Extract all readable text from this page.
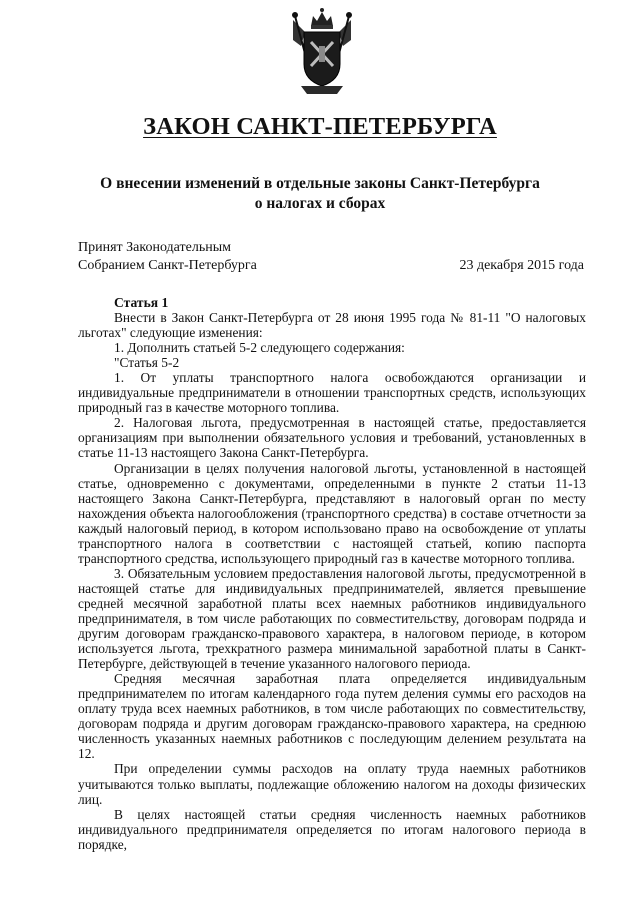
ЗАКОН САНКТ-ПЕТЕРБУРГА
О внесении изменений в отдельные законы Санкт-Петербурга
о налогах и сборах
Принят Законодательным
Собранием Санкт-Петербурга	23 декабря 2015 года

Статья 1

Внести в Закон Санкт-Петербурга от 28 июня 1995 года № 81-11 "О налоговых льготах" следующие изменения:

1. Дополнить статьей 5-2 следующего содержания:

"Статья 5-2

1. От уплаты транспортного налога освобождаются организации и индивидуальные предприниматели в отношении транспортных средств, использующих природный газ в качестве моторного топлива.

2. Налоговая льгота, предусмотренная в настоящей статье, предоставляется организациям при выполнении обязательного условия и требований, установленных в статье 11-13 настоящего Закона Санкт-Петербурга.

Организации в целях получения налоговой льготы, установленной в настоящей статье, одновременно с документами, определенными в пункте 2 статьи 11-13 настоящего Закона Санкт-Петербурга, представляют в налоговый орган по месту нахождения объекта налогообложения (транспортного средства) в составе отчетности за каждый налоговый период, в котором использовано право на освобождение от уплаты транспортного налога в соответствии с настоящей статьей, копию паспорта транспортного средства, использующего природный газ в качестве моторного топлива.

3. Обязательным условием предоставления налоговой льготы, предусмотренной в настоящей статье для индивидуальных предпринимателей, является превышение средней месячной заработной платы всех наемных работников индивидуального предпринимателя, в том числе работающих по совместительству, договорам подряда и другим договорам гражданско-правового характера, в налоговом периоде, в котором используется льгота, трехкратного размера минимальной заработной платы в Санкт-Петербурге, действующей в течение указанного налогового периода.

Средняя месячная заработная плата определяется индивидуальным предпринимателем по итогам календарного года путем деления суммы его расходов на оплату труда всех наемных работников, в том числе работающих по совместительству, договорам подряда и другим договорам гражданско-правового характера, на среднюю численность указанных наемных работников с последующим делением результата на 12.

При определении суммы расходов на оплату труда наемных работников учитываются только выплаты, подлежащие обложению налогом на доходы физических лиц.

В целях настоящей статьи средняя численность наемных работников индивидуального предпринимателя определяется по итогам налогового периода в порядке,
